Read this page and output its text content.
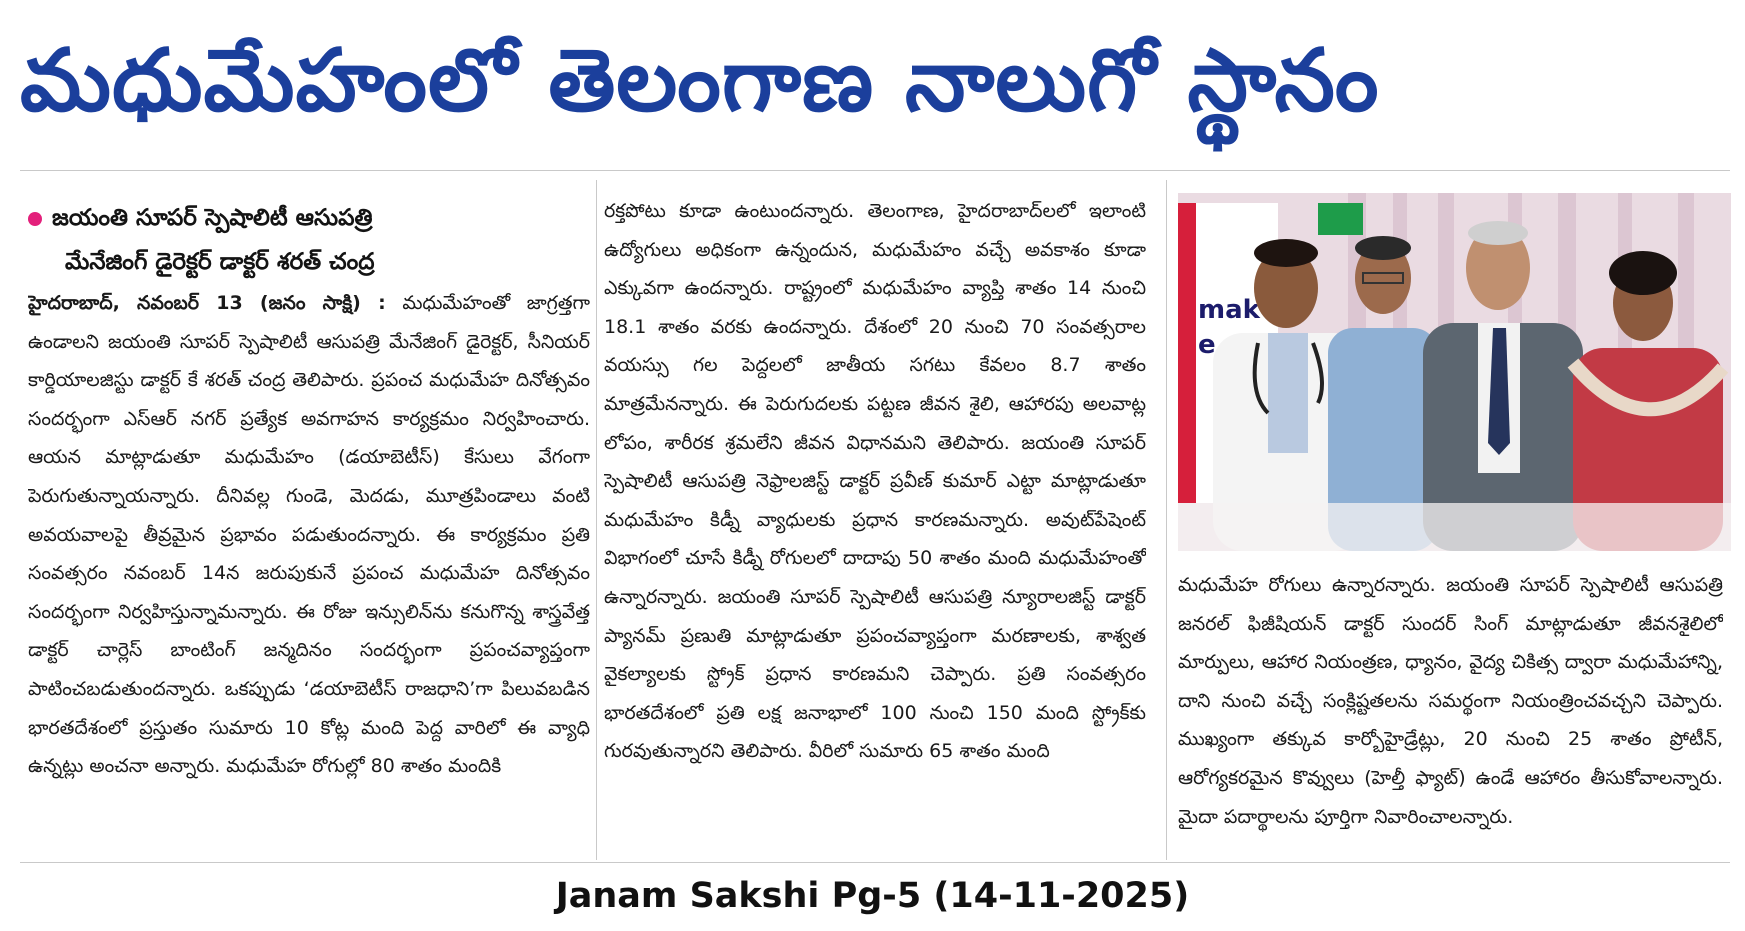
మధుమేహంలో తెలంగాణ నాలుగో స్థానం
జయంతి సూపర్ స్పెషాలిటీ ఆసుపత్రి
మేనేజింగ్ డైరెక్టర్ డాక్టర్ శరత్ చంద్ర
హైదరాబాద్, నవంబర్ 13 (జనం సాక్షి) : మధుమేహంతో జాగ్రత్తగా ఉండాలని జయంతి సూపర్ స్పెషాలిటీ ఆసుపత్రి మేనేజింగ్ డైరెక్టర్, సీనియర్ కార్డియాలజిస్టు డాక్టర్ కే శరత్ చంద్ర తెలిపారు. ప్రపంచ మధుమేహ దినోత్సవం సందర్భంగా ఎస్ఆర్ నగర్ ప్రత్యేక అవగాహన కార్యక్రమం నిర్వహించారు. ఆయన మాట్లాడుతూ మధుమేహం (డయాబెటీస్) కేసులు వేగంగా పెరుగుతున్నాయన్నారు. దీనివల్ల గుండె, మెదడు, మూత్రపిండాలు వంటి అవయవాలపై తీవ్రమైన ప్రభావం పడుతుందన్నారు. ఈ కార్యక్రమం ప్రతి సంవత్సరం నవంబర్ 14న జరుపుకునే ప్రపంచ మధుమేహ దినోత్సవం సందర్భంగా నిర్వహిస్తున్నామన్నారు. ఈ రోజు ఇన్సులిన్‌ను కనుగొన్న శాస్త్రవేత్త డాక్టర్ చార్లెస్ బాంటింగ్ జన్మదినం సందర్భంగా ప్రపంచవ్యాప్తంగా పాటించబడుతుందన్నారు. ఒకప్పుడు ‘డయాబెటీస్ రాజధాని’గా పిలువబడిన భారతదేశంలో ప్రస్తుతం సుమారు 10 కోట్ల మంది పెద్ద వారిలో ఈ వ్యాధి ఉన్నట్లు అంచనా అన్నారు. మధుమేహ రోగుల్లో 80 శాతం మందికి
రక్తపోటు కూడా ఉంటుందన్నారు. తెలంగాణ, హైదరాబాద్‌లలో ఇలాంటి ఉద్యోగులు అధికంగా ఉన్నందున, మధుమేహం వచ్చే అవకాశం కూడా ఎక్కువగా ఉందన్నారు. రాష్ట్రంలో మధుమేహం వ్యాప్తి శాతం 14 నుంచి 18.1 శాతం వరకు ఉందన్నారు. దేశంలో 20 నుంచి 70 సంవత్సరాల వయస్సు గల పెద్దలలో జాతీయ సగటు కేవలం 8.7 శాతం మాత్రమేనన్నారు. ఈ పెరుగుదలకు పట్టణ జీవన శైలి, ఆహారపు అలవాట్ల లోపం, శారీరక శ్రమలేని జీవన విధానమని తెలిపారు. జయంతి సూపర్ స్పెషాలిటీ ఆసుపత్రి నెఫ్రాలజిస్ట్ డాక్టర్ ప్రవీణ్ కుమార్ ఎట్టా మాట్లాడుతూ మధుమేహం కిడ్నీ వ్యాధులకు ప్రధాన కారణమన్నారు. అవుట్‌పేషెంట్ విభాగంలో చూసే కిడ్నీ రోగులలో దాదాపు 50 శాతం మంది మధుమేహంతో ఉన్నారన్నారు. జయంతి సూపర్ స్పెషాలిటీ ఆసుపత్రి న్యూరాలజిస్ట్ డాక్టర్ ప్యానమ్ ప్రణుతి మాట్లాడుతూ ప్రపంచవ్యాప్తంగా మరణాలకు, శాశ్వత వైకల్యాలకు స్ట్రోక్ ప్రధాన కారణమని చెప్పారు. ప్రతి సంవత్సరం భారతదేశంలో ప్రతి లక్ష జనాభాలో 100 నుంచి 150 మంది స్ట్రోక్‌కు గురవుతున్నారని తెలిపారు. వీరిలో సుమారు 65 శాతం మంది
mak
e
మధుమేహ రోగులు ఉన్నారన్నారు. జయంతి సూపర్ స్పెషాలిటీ ఆసుపత్రి జనరల్ ఫిజీషియన్ డాక్టర్ సుందర్ సింగ్ మాట్లాడుతూ జీవనశైలిలో మార్పులు, ఆహార నియంత్రణ, ధ్యానం, వైద్య చికిత్స ద్వారా మధుమేహాన్ని, దాని నుంచి వచ్చే సంక్లిష్టతలను సమర్థంగా నియంత్రించవచ్చని చెప్పారు. ముఖ్యంగా తక్కువ కార్బోహైడ్రేట్లు, 20 నుంచి 25 శాతం ప్రోటీన్, ఆరోగ్యకరమైన కొవ్వులు (హెల్తీ ఫ్యాట్) ఉండే ఆహారం తీసుకోవాలన్నారు. మైదా పదార్థాలను పూర్తిగా నివారించాలన్నారు.
Janam Sakshi Pg-5 (14-11-2025)
